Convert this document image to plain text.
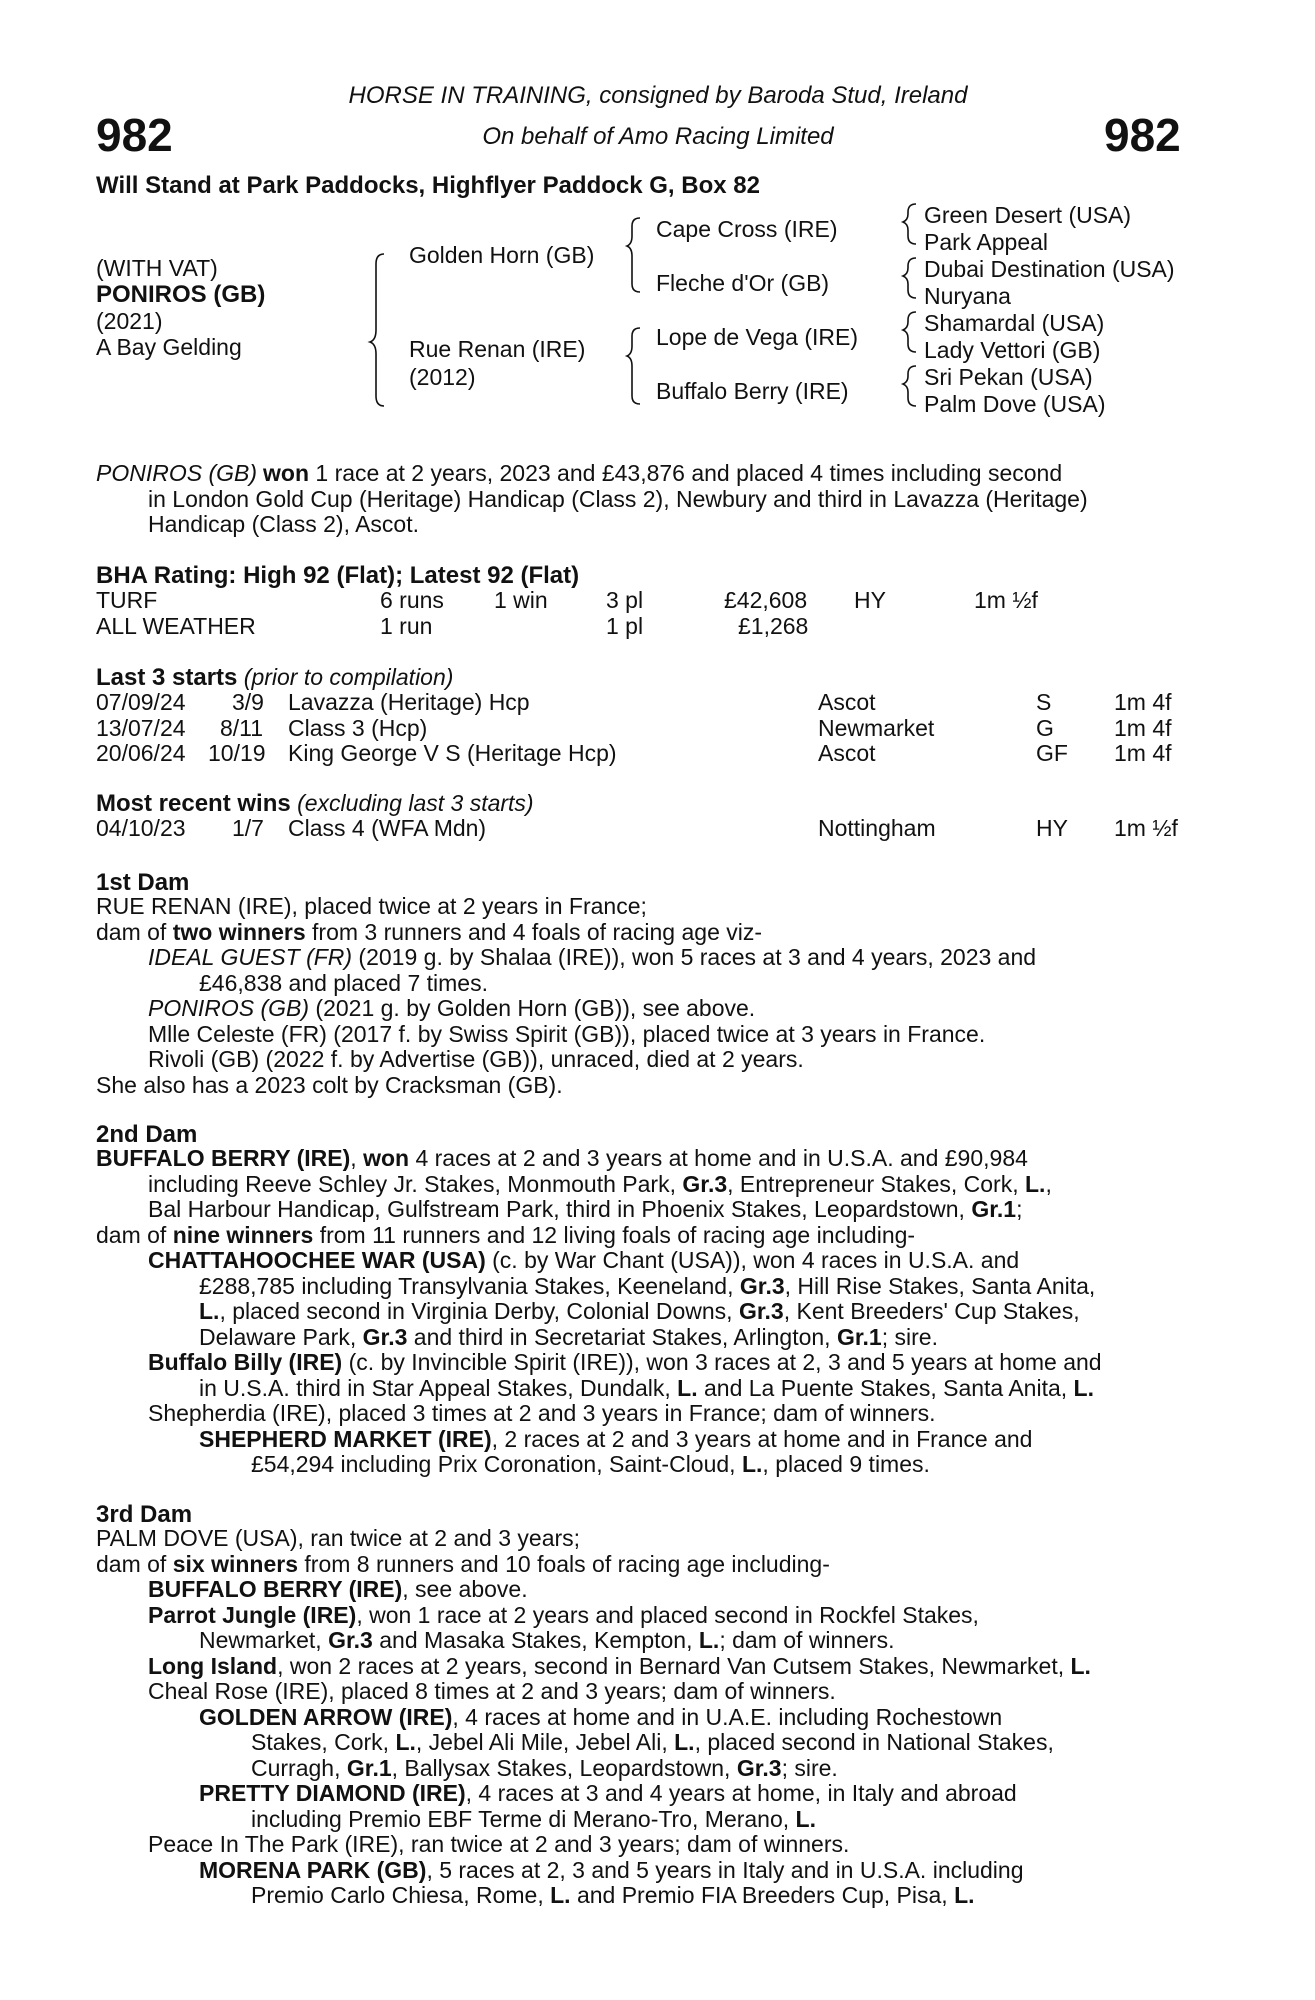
982	982
HORSE IN TRAINING, consigned by Baroda Stud, Ireland
On behalf of Amo Racing Limited
Will Stand at Park Paddocks, Highflyer Paddock G, Box 82
(WITH VAT)
PONIROS (GB)
(2021)
A Bay Gelding
Golden Horn (GB)
Rue Renan (IRE)
(2012)
Cape Cross (IRE)
Fleche d'Or (GB)
Lope de Vega (IRE)
Buffalo Berry (IRE)
Green Desert (USA)
Park Appeal
Dubai Destination (USA)
Nuryana
Shamardal (USA)
Lady Vettori (GB)
Sri Pekan (USA)
Palm Dove (USA)
PONIROS (GB) won 1 race at 2 years, 2023 and £43,876 and placed 4 times including second
in London Gold Cup (Heritage) Handicap (Class 2), Newbury and third in Lavazza (Heritage)
Handicap (Class 2), Ascot.
BHA Rating: High 92 (Flat); Latest 92 (Flat)
TURF	6 runs 1 win	3 pl	£42,608 HY	1m ½f
ALL WEATHER	1 run	1 pl	£1,268
Last 3 starts (prior to compilation)
07/09/24 3/9 Lavazza (Heritage) Hcp	Ascot	S	1m 4f
13/07/24 8/11 Class 3 (Hcp)	Newmarket	G	1m 4f
20/06/24 10/19 King George V S (Heritage Hcp)	Ascot	GF 1m 4f
Most recent wins (excluding last 3 starts)
04/10/23 1/7 Class 4 (WFA Mdn)	Nottingham	HY 1m ½f
1st Dam
RUE RENAN (IRE), placed twice at 2 years in France;
dam of two winners from 3 runners and 4 foals of racing age viz-
IDEAL GUEST (FR) (2019 g. by Shalaa (IRE)), won 5 races at 3 and 4 years, 2023 and
£46,838 and placed 7 times.
PONIROS (GB) (2021 g. by Golden Horn (GB)), see above.
Mlle Celeste (FR) (2017 f. by Swiss Spirit (GB)), placed twice at 3 years in France.
Rivoli (GB) (2022 f. by Advertise (GB)), unraced, died at 2 years.
She also has a 2023 colt by Cracksman (GB).
2nd Dam
BUFFALO BERRY (IRE), won 4 races at 2 and 3 years at home and in U.S.A. and £90,984
including Reeve Schley Jr. Stakes, Monmouth Park, Gr.3, Entrepreneur Stakes, Cork, L.,
Bal Harbour Handicap, Gulfstream Park, third in Phoenix Stakes, Leopardstown, Gr.1;
dam of nine winners from 11 runners and 12 living foals of racing age including-
CHATTAHOOCHEE WAR (USA) (c. by War Chant (USA)), won 4 races in U.S.A. and
£288,785 including Transylvania Stakes, Keeneland, Gr.3, Hill Rise Stakes, Santa Anita,
L., placed second in Virginia Derby, Colonial Downs, Gr.3, Kent Breeders' Cup Stakes,
Delaware Park, Gr.3 and third in Secretariat Stakes, Arlington, Gr.1; sire.
Buffalo Billy (IRE) (c. by Invincible Spirit (IRE)), won 3 races at 2, 3 and 5 years at home and
in U.S.A. third in Star Appeal Stakes, Dundalk, L. and La Puente Stakes, Santa Anita, L.
Shepherdia (IRE), placed 3 times at 2 and 3 years in France; dam of winners.
SHEPHERD MARKET (IRE), 2 races at 2 and 3 years at home and in France and
£54,294 including Prix Coronation, Saint-Cloud, L., placed 9 times.
3rd Dam
PALM DOVE (USA), ran twice at 2 and 3 years;
dam of six winners from 8 runners and 10 foals of racing age including-
BUFFALO BERRY (IRE), see above.
Parrot Jungle (IRE), won 1 race at 2 years and placed second in Rockfel Stakes,
Newmarket, Gr.3 and Masaka Stakes, Kempton, L.; dam of winners.
Long Island, won 2 races at 2 years, second in Bernard Van Cutsem Stakes, Newmarket, L.
Cheal Rose (IRE), placed 8 times at 2 and 3 years; dam of winners.
GOLDEN ARROW (IRE), 4 races at home and in U.A.E. including Rochestown
Stakes, Cork, L., Jebel Ali Mile, Jebel Ali, L., placed second in National Stakes,
Curragh, Gr.1, Ballysax Stakes, Leopardstown, Gr.3; sire.
PRETTY DIAMOND (IRE), 4 races at 3 and 4 years at home, in Italy and abroad
including Premio EBF Terme di Merano-Tro, Merano, L.
Peace In The Park (IRE), ran twice at 2 and 3 years; dam of winners.
MORENA PARK (GB), 5 races at 2, 3 and 5 years in Italy and in U.S.A. including
Premio Carlo Chiesa, Rome, L. and Premio FIA Breeders Cup, Pisa, L.
